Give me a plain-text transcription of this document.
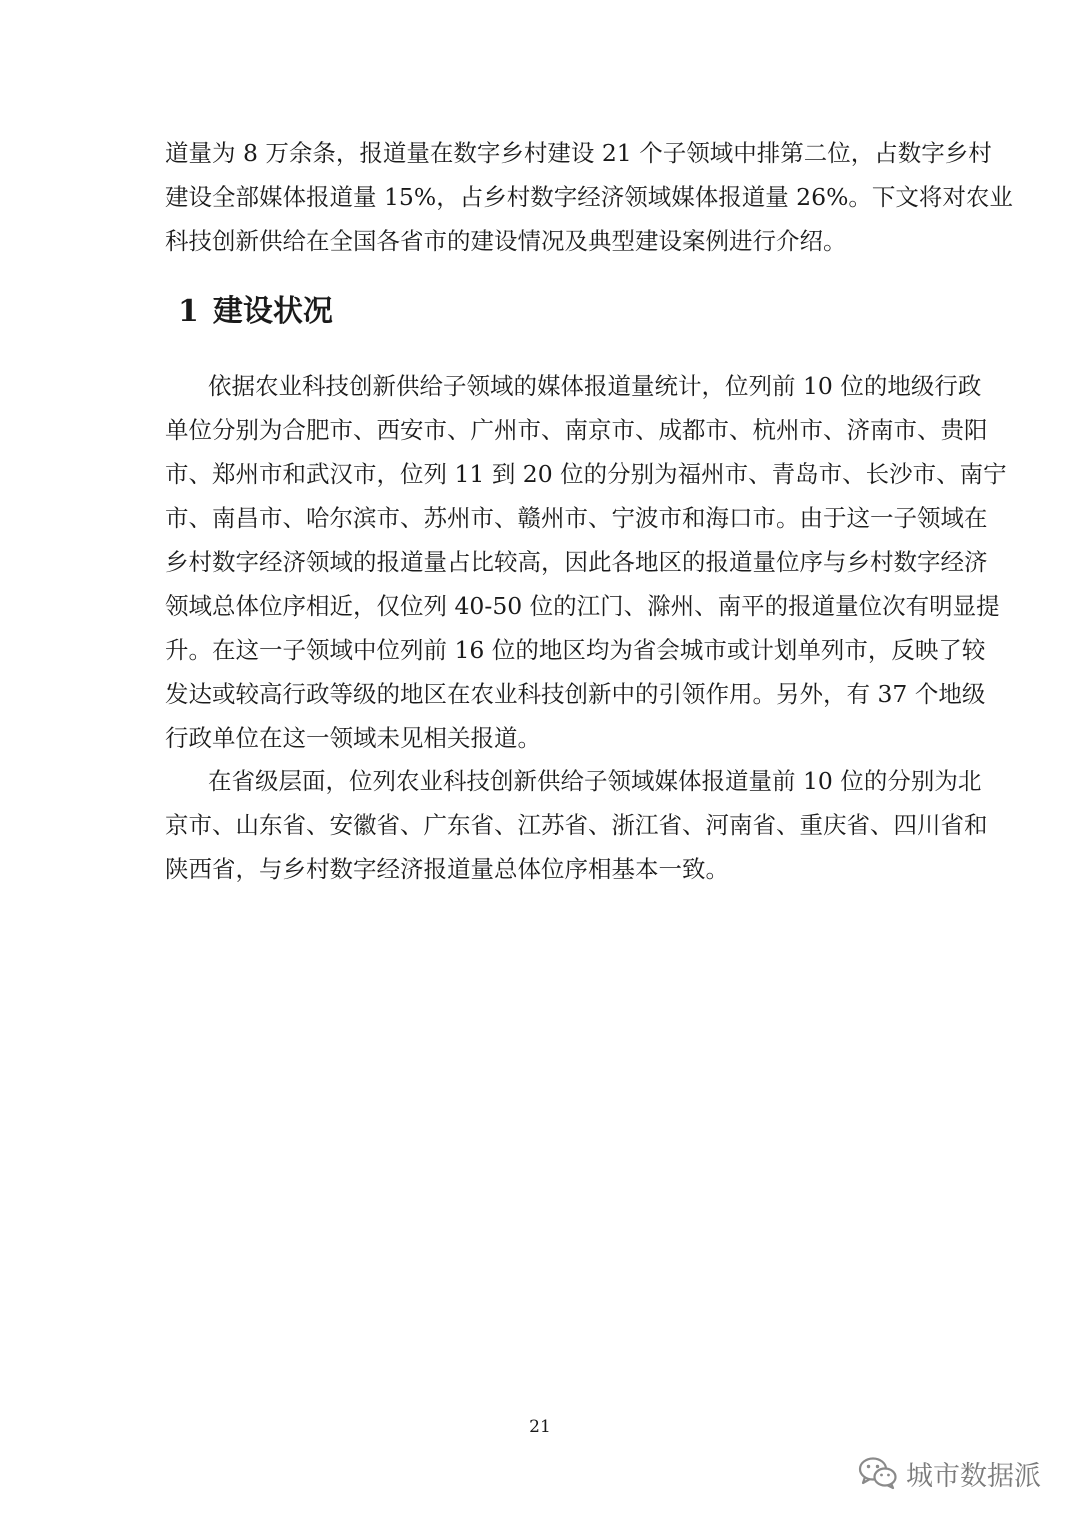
道量为 8 万余条，报道量在数字乡村建设 21 个子领域中排第二位，占数字乡村
建设全部媒体报道量 15%，占乡村数字经济领域媒体报道量 26%。下文将对农业
科技创新供给在全国各省市的建设情况及典型建设案例进行介绍。
1 建设状况
依据农业科技创新供给子领域的媒体报道量统计，位列前 10 位的地级行政
单位分别为合肥市、西安市、广州市、南京市、成都市、杭州市、济南市、贵阳
市、郑州市和武汉市，位列 11 到 20 位的分别为福州市、青岛市、长沙市、南宁
市、南昌市、哈尔滨市、苏州市、赣州市、宁波市和海口市。由于这一子领域在
乡村数字经济领域的报道量占比较高，因此各地区的报道量位序与乡村数字经济
领域总体位序相近，仅位列 40-50 位的江门、滁州、南平的报道量位次有明显提
升。在这一子领域中位列前 16 位的地区均为省会城市或计划单列市，反映了较
发达或较高行政等级的地区在农业科技创新中的引领作用。另外，有 37 个地级
行政单位在这一领域未见相关报道。
在省级层面，位列农业科技创新供给子领域媒体报道量前 10 位的分别为北
京市、山东省、安徽省、广东省、江苏省、浙江省、河南省、重庆省、四川省和
陕西省，与乡村数字经济报道量总体位序相基本一致。
21
城市数据派
